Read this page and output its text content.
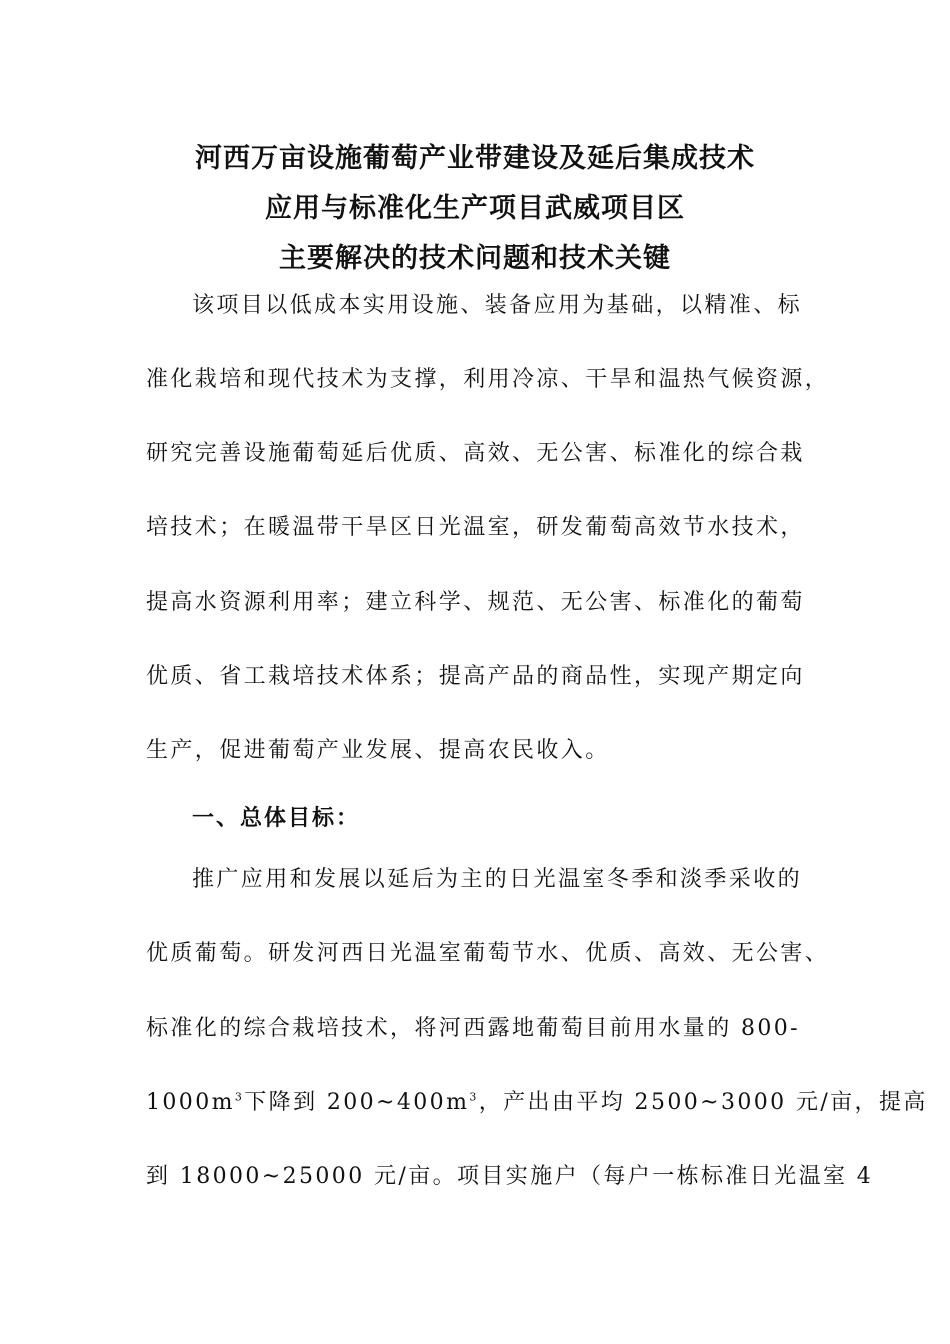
河西万亩设施葡萄产业带建设及延后集成技术
应用与标准化生产项目武威项目区
主要解决的技术问题和技术关键
该项目以低成本实用设施、装备应用为基础，以精准、标
准化栽培和现代技术为支撑，利用冷凉、干旱和温热气候资源，
研究完善设施葡萄延后优质、高效、无公害、标准化的综合栽
培技术；在暖温带干旱区日光温室，研发葡萄高效节水技术，
提高水资源利用率；建立科学、规范、无公害、标准化的葡萄
优质、省工栽培技术体系；提高产品的商品性，实现产期定向
生产，促进葡萄产业发展、提高农民收入。
一、总体目标：
推广应用和发展以延后为主的日光温室冬季和淡季采收的
优质葡萄。研发河西日光温室葡萄节水、优质、高效、无公害、
标准化的综合栽培技术，将河西露地葡萄目前用水量的 800-
$1000m^3$下降到 $200\sim 400m^3$，产出由平均 2500~3000 元/亩，提高
到 18000~25000 元/亩。项目实施户（每户一栋标准日光温室 4
